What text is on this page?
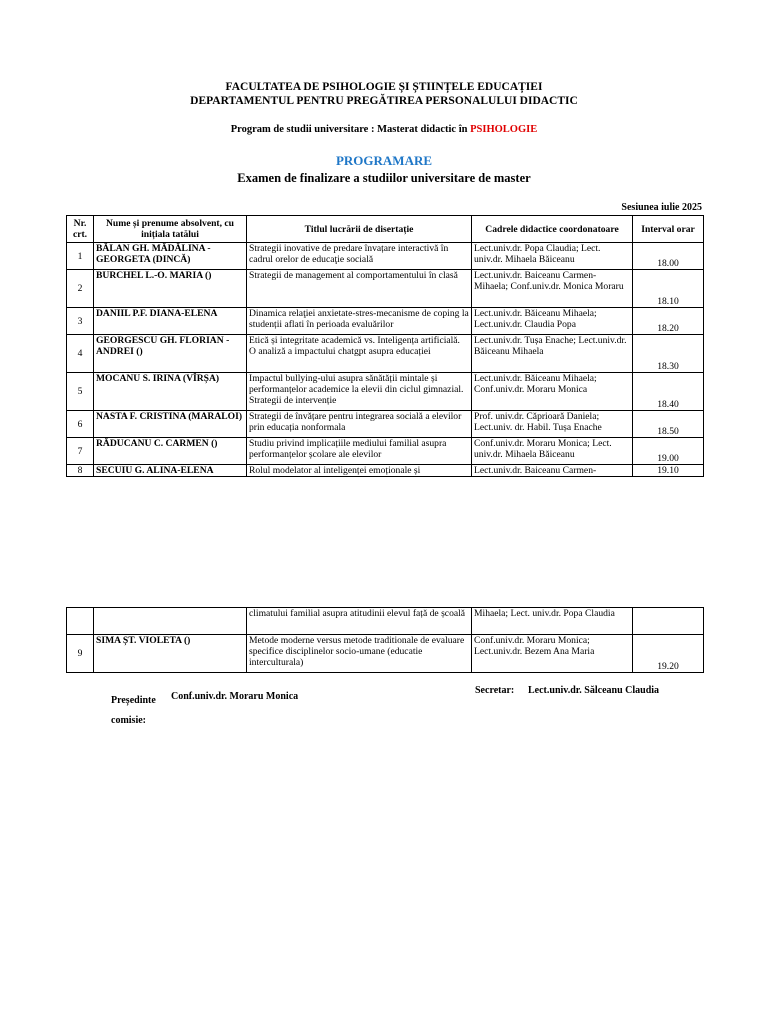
FACULTATEA DE PSIHOLOGIE ȘI ȘTIINȚELE EDUCAȚIEI
DEPARTAMENTUL PENTRU PREGĂTIREA PERSONALULUI DIDACTIC
Program de studii universitare : Masterat didactic în PSIHOLOGIE
PROGRAMARE
Examen de finalizare a studiilor universitare de master
Sesiunea iulie 2025
Nr. crt.	Nume și prenume absolvent, cu inițiala tatălui	Titlul lucrării de disertație	Cadrele didactice coordonatoare	Interval orar
1	BĂLAN GH. MĂDĂLINA - GEORGETA (DINCĂ)	Strategii inovative de predare învațare interactivă în cadrul orelor de educaţie socială	Lect.univ.dr. Popa Claudia; Lect. univ.dr. Mihaela Băiceanu	18.00
2	BURCHEL L.-O. MARIA ()	Strategii de management al comportamentului în clasă	Lect.univ.dr. Baiceanu Carmen-Mihaela; Conf.univ.dr. Monica Moraru	18.10
3	DANIIL P.F. DIANA-ELENA	Dinamica relaţiei anxietate-stres-mecanisme de coping la studenții aflati în perioada evaluărilor	Lect.univ.dr. Băiceanu Mihaela; Lect.univ.dr. Claudia Popa	18.20
4	GEORGESCU GH. FLORIAN - ANDREI ()	Etică și integritate academică vs. Inteligența artificială. O analiză a impactului chatgpt asupra educației	Lect.univ.dr. Tușa Enache; Lect.univ.dr. Băiceanu Mihaela	18.30
5	MOCANU S. IRINA (VÎRȘA)	Impactul bullying-ului asupra sănătății mintale și performanțelor academice la elevii din ciclul gimnazial. Strategii de intervenție	Lect.univ.dr. Băiceanu Mihaela; Conf.univ.dr. Moraru Monica	18.40
6	NASTA F. CRISTINA (MARALOI)	Strategii de învățare pentru integrarea socială a elevilor prin educația nonformala	Prof. univ.dr. Căprioară Daniela; Lect.univ. dr. Habil. Tușa Enache	18.50
7	RĂDUCANU C. CARMEN ()	Studiu privind implicațiile mediului familial asupra performanțelor școlare ale elevilor	Conf.univ.dr. Moraru Monica; Lect. univ.dr. Mihaela Băiceanu	19.00
8	SECUIU G. ALINA-ELENA	Rolul modelator al inteligenței emoționale și	Lect.univ.dr. Baiceanu Carmen-	19.10
		climatului familial asupra atitudinii elevul față de școală	Mihaela; Lect. univ.dr. Popa Claudia	
9	SIMA ȘT. VIOLETA ()	Metode moderne versus metode traditionale de evaluare specifice disciplinelor socio-umane (educatie interculturala)	Conf.univ.dr. Moraru Monica; Lect.univ.dr. Bezem Ana Maria	19.20
Președinte comisie:
Conf.univ.dr. Moraru Monica
Secretar: Lect.univ.dr. Sălceanu Claudia
